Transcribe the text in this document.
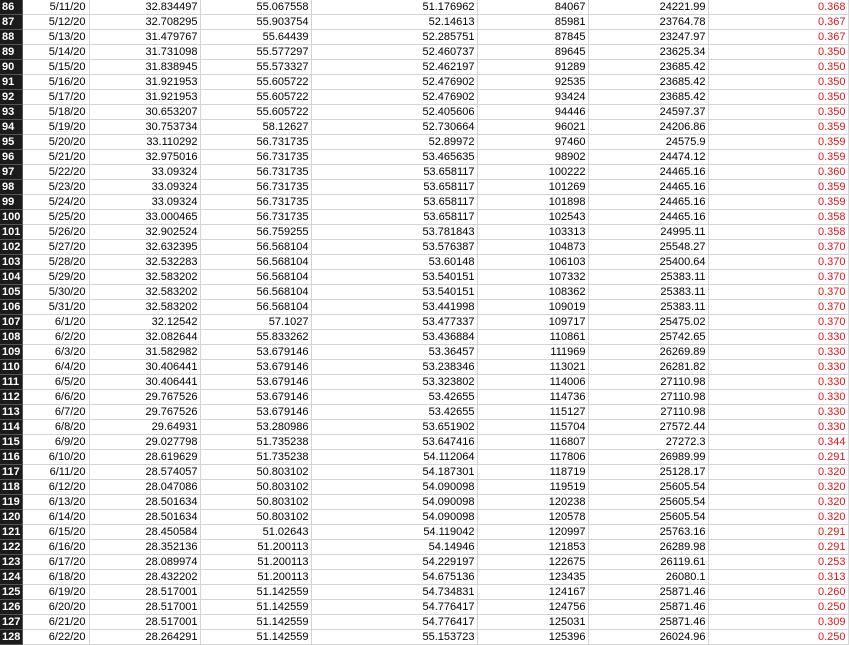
86	5/11/20	32.834497	55.067558	51.176962	84067	24221.99	0.368
87	5/12/20	32.708295	55.903754	52.14613	85981	23764.78	0.367
88	5/13/20	31.479767	55.64439	52.285751	87845	23247.97	0.367
89	5/14/20	31.731098	55.577297	52.460737	89645	23625.34	0.350
90	5/15/20	31.838945	55.573327	52.462197	91289	23685.42	0.350
91	5/16/20	31.921953	55.605722	52.476902	92535	23685.42	0.350
92	5/17/20	31.921953	55.605722	52.476902	93424	23685.42	0.350
93	5/18/20	30.653207	55.605722	52.405606	94446	24597.37	0.350
94	5/19/20	30.753734	58.12627	52.730664	96021	24206.86	0.359
95	5/20/20	33.110292	56.731735	52.89972	97460	24575.9	0.359
96	5/21/20	32.975016	56.731735	53.465635	98902	24474.12	0.359
97	5/22/20	33.09324	56.731735	53.658117	100222	24465.16	0.360
98	5/23/20	33.09324	56.731735	53.658117	101269	24465.16	0.359
99	5/24/20	33.09324	56.731735	53.658117	101898	24465.16	0.359
100	5/25/20	33.000465	56.731735	53.658117	102543	24465.16	0.358
101	5/26/20	32.902524	56.759255	53.781843	103313	24995.11	0.358
102	5/27/20	32.632395	56.568104	53.576387	104873	25548.27	0.370
103	5/28/20	32.532283	56.568104	53.60148	106103	25400.64	0.370
104	5/29/20	32.583202	56.568104	53.540151	107332	25383.11	0.370
105	5/30/20	32.583202	56.568104	53.540151	108362	25383.11	0.370
106	5/31/20	32.583202	56.568104	53.441998	109019	25383.11	0.370
107	6/1/20	32.12542	57.1027	53.477337	109717	25475.02	0.370
108	6/2/20	32.082644	55.833262	53.436884	110861	25742.65	0.330
109	6/3/20	31.582982	53.679146	53.36457	111969	26269.89	0.330
110	6/4/20	30.406441	53.679146	53.238346	113021	26281.82	0.330
111	6/5/20	30.406441	53.679146	53.323802	114006	27110.98	0.330
112	6/6/20	29.767526	53.679146	53.42655	114736	27110.98	0.330
113	6/7/20	29.767526	53.679146	53.42655	115127	27110.98	0.330
114	6/8/20	29.64931	53.280986	53.651902	115704	27572.44	0.330
115	6/9/20	29.027798	51.735238	53.647416	116807	27272.3	0.344
116	6/10/20	28.619629	51.735238	54.112064	117806	26989.99	0.291
117	6/11/20	28.574057	50.803102	54.187301	118719	25128.17	0.320
118	6/12/20	28.047086	50.803102	54.090098	119519	25605.54	0.320
119	6/13/20	28.501634	50.803102	54.090098	120238	25605.54	0.320
120	6/14/20	28.501634	50.803102	54.090098	120578	25605.54	0.320
121	6/15/20	28.450584	51.02643	54.119042	120997	25763.16	0.291
122	6/16/20	28.352136	51.200113	54.14946	121853	26289.98	0.291
123	6/17/20	28.089974	51.200113	54.229197	122675	26119.61	0.253
124	6/18/20	28.432202	51.200113	54.675136	123435	26080.1	0.313
125	6/19/20	28.517001	51.142559	54.734831	124167	25871.46	0.260
126	6/20/20	28.517001	51.142559	54.776417	124756	25871.46	0.250
127	6/21/20	28.517001	51.142559	54.776417	125031	25871.46	0.309
128	6/22/20	28.264291	51.142559	55.153723	125396	26024.96	0.250
